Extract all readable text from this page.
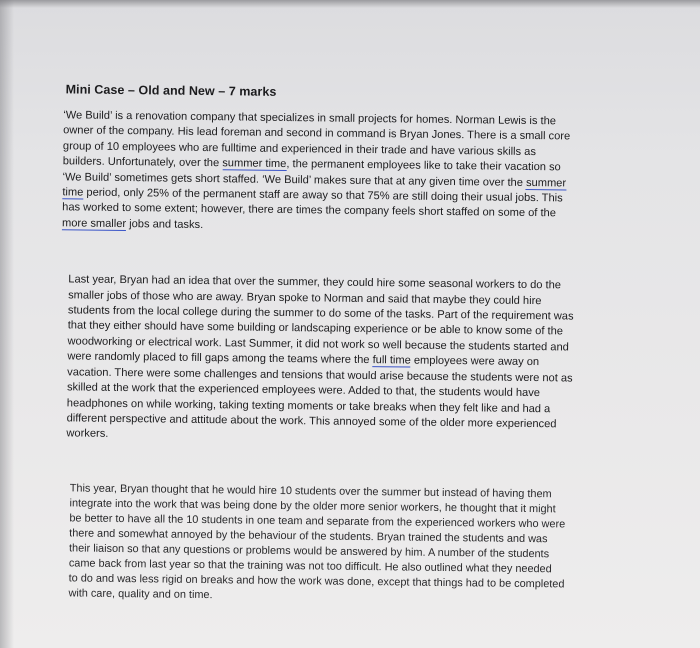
Mini Case – Old and New – 7 marks

‘We Build’ is a renovation company that specializes in small projects for homes. Norman Lewis is the
owner of the company. His lead foreman and second in command is Bryan Jones. There is a small core
group of 10 employees who are fulltime and experienced in their trade and have various skills as
builders. Unfortunately, over the summer time, the permanent employees like to take their vacation so
‘We Build’ sometimes gets short staffed. ‘We Build’ makes sure that at any given time over the summer
time period, only 25% of the permanent staff are away so that 75% are still doing their usual jobs. This
has worked to some extent; however, there are times the company feels short staffed on some of the
more smaller jobs and tasks.

Last year, Bryan had an idea that over the summer, they could hire some seasonal workers to do the
smaller jobs of those who are away. Bryan spoke to Norman and said that maybe they could hire
students from the local college during the summer to do some of the tasks. Part of the requirement was
that they either should have some building or landscaping experience or be able to know some of the
woodworking or electrical work. Last Summer, it did not work so well because the students started and
were randomly placed to fill gaps among the teams where the full time employees were away on
vacation. There were some challenges and tensions that would arise because the students were not as
skilled at the work that the experienced employees were. Added to that, the students would have
headphones on while working, taking texting moments or take breaks when they felt like and had a
different perspective and attitude about the work. This annoyed some of the older more experienced
workers.

This year, Bryan thought that he would hire 10 students over the summer but instead of having them
integrate into the work that was being done by the older more senior workers, he thought that it might
be better to have all the 10 students in one team and separate from the experienced workers who were
there and somewhat annoyed by the behaviour of the students. Bryan trained the students and was
their liaison so that any questions or problems would be answered by him. A number of the students
came back from last year so that the training was not too difficult. He also outlined what they needed
to do and was less rigid on breaks and how the work was done, except that things had to be completed
with care, quality and on time.
